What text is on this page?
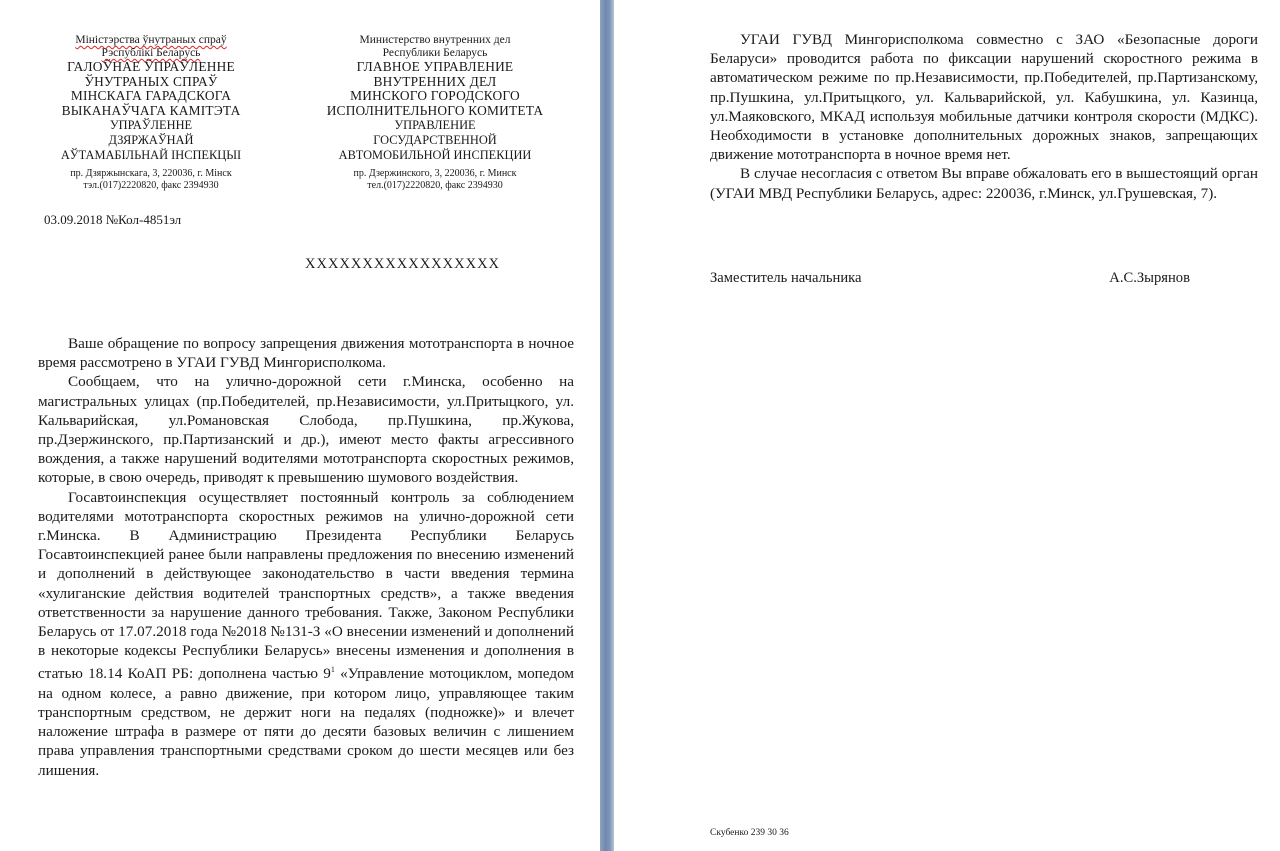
Міністэрства ўнутраных спраў
Рэспублікі Беларусь
ГАЛОЎНАЕ ЎПРАЎЛЕННЕ
ЎНУТРАНЫХ СПРАЎ
МІНСКАГА ГАРАДСКОГА
ВЫКАНАЎЧАГА КАМІТЭТА
УПРАЎЛЕННЕ
ДЗЯРЖАЎНАЙ
АЎТАМАБІЛЬНАЙ ІНСПЕКЦЫІ
пр. Дзяржынскага, 3, 220036, г. Мінск
тэл.(017)2220820, факс 2394930
Министерство внутренних дел
Республики Беларусь
ГЛАВНОЕ УПРАВЛЕНИЕ
ВНУТРЕННИХ ДЕЛ
МИНСКОГО ГОРОДСКОГО
ИСПОЛНИТЕЛЬНОГО КОМИТЕТА
УПРАВЛЕНИЕ
ГОСУДАРСТВЕННОЙ
АВТОМОБИЛЬНОЙ ИНСПЕКЦИИ
пр. Дзержинского, 3, 220036, г. Минск
тел.(017)2220820, факс 2394930
03.09.2018 №Кол-4851эл
XXXXXXXXXXXXXXXXX

Ваше обращение по вопросу запрещения движения мототранспорта в ночное время рассмотрено в УГАИ ГУВД Мингорисполкома.

Сообщаем, что на улично-дорожной сети г.Минска, особенно на магистральных улицах (пр.Победителей, пр.Независимости, ул.Притыцкого, ул. Кальварийская, ул.Романовская Слобода, пр.Пушкина, пр.Жукова, пр.Дзержинского, пр.Партизанский и др.), имеют место факты агрессивного вождения, а также нарушений водителями мототранспорта скоростных режимов, которые, в свою очередь, приводят к превышению шумового воздействия.

Госавтоинспекция осуществляет постоянный контроль за соблюдением водителями мототранспорта скоростных режимов на улично-дорожной сети г.Минска. В Администрацию Президента Республики Беларусь Госавтоинспекцией ранее были направлены предложения по внесению изменений и дополнений в действующее законодательство в части введения термина «хулиганские действия водителей транспортных средств», а также введения ответственности за нарушение данного требования. Также, Законом Республики Беларусь от 17.07.2018 года №2018 №131-З «О внесении изменений и дополнений в некоторые кодексы Республики Беларусь» внесены изменения и дополнения в статью 18.14 КоАП РБ: дополнена частью $9^1$ «Управление мотоциклом, мопедом на одном колесе, а равно движение, при котором лицо, управляющее таким транспортным средством, не держит ноги на педалях (подножке)» и влечет наложение штрафа в размере от пяти до десяти базовых величин с лишением права управления транспортными средствами сроком до шести месяцев или без лишения.

УГАИ ГУВД Мингорисполкома совместно с ЗАО «Безопасные дороги Беларуси» проводится работа по фиксации нарушений скоростного режима в автоматическом режиме по пр.Независимости, пр.Победителей, пр.Партизанскому, пр.Пушкина, ул.Притыцкого, ул. Кальварийской, ул. Кабушкина, ул. Казинца, ул.Маяковского, МКАД используя мобильные датчики контроля скорости (МДКС). Необходимости в установке дополнительных дорожных знаков, запрещающих движение мототранспорта в ночное время нет.

В случае несогласия с ответом Вы вправе обжаловать его в вышестоящий орган (УГАИ МВД Республики Беларусь, адрес: 220036, г.Минск, ул.Грушевская, 7).

Заместитель начальника	А.С.Зырянов
Скубенко 239 30 36
